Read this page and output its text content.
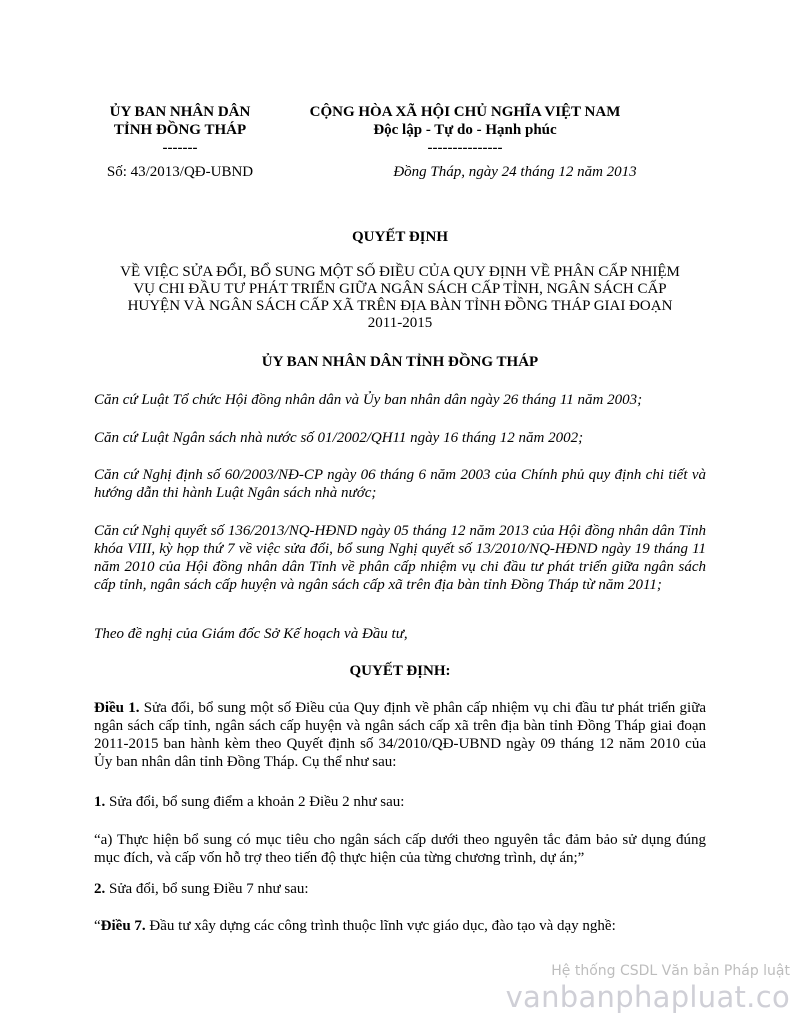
ỦY BAN NHÂN DÂN
TỈNH ĐỒNG THÁP
-------
CỘNG HÒA XÃ HỘI CHỦ NGHĨA VIỆT NAM
Độc lập - Tự do - Hạnh phúc
---------------
Số: 43/2013/QĐ-UBND	Đồng Tháp, ngày 24 tháng 12 năm 2013
QUYẾT ĐỊNH
VỀ VIỆC SỬA ĐỔI, BỔ SUNG MỘT SỐ ĐIỀU CỦA QUY ĐỊNH VỀ PHÂN CẤP NHIỆM
VỤ CHI ĐẦU TƯ PHÁT TRIỂN GIỮA NGÂN SÁCH CẤP TỈNH, NGÂN SÁCH CẤP
HUYỆN VÀ NGÂN SÁCH CẤP XÃ TRÊN ĐỊA BÀN TỈNH ĐỒNG THÁP GIAI ĐOẠN
2011-2015
ỦY BAN NHÂN DÂN TỈNH ĐỒNG THÁP
Căn cứ Luật Tổ chức Hội đồng nhân dân và Ủy ban nhân dân ngày 26 tháng 11 năm 2003;
Căn cứ Luật Ngân sách nhà nước số 01/2002/QH11 ngày 16 tháng 12 năm 2002;
Căn cứ Nghị định số 60/2003/NĐ-CP ngày 06 tháng 6 năm 2003 của Chính phủ quy định chi tiết và hướng dẫn thi hành Luật Ngân sách nhà nước;
Căn cứ Nghị quyết số 136/2013/NQ-HĐND ngày 05 tháng 12 năm 2013 của Hội đồng nhân dân Tỉnh khóa VIII, kỳ họp thứ 7 về việc sửa đổi, bổ sung Nghị quyết số 13/2010/NQ-HĐND ngày 19 tháng 11 năm 2010 của Hội đồng nhân dân Tỉnh về phân cấp nhiệm vụ chi đầu tư phát triển giữa ngân sách cấp tỉnh, ngân sách cấp huyện và ngân sách cấp xã trên địa bàn tỉnh Đồng Tháp từ năm 2011;
Theo đề nghị của Giám đốc Sở Kế hoạch và Đầu tư,
QUYẾT ĐỊNH:
Điều 1. Sửa đổi, bổ sung một số Điều của Quy định về phân cấp nhiệm vụ chi đầu tư phát triển giữa ngân sách cấp tỉnh, ngân sách cấp huyện và ngân sách cấp xã trên địa bàn tỉnh Đồng Tháp giai đoạn 2011-2015 ban hành kèm theo Quyết định số 34/2010/QĐ-UBND ngày 09 tháng 12 năm 2010 của Ủy ban nhân dân tỉnh Đồng Tháp. Cụ thể như sau:
1. Sửa đổi, bổ sung điểm a khoản 2 Điều 2 như sau:
“a) Thực hiện bổ sung có mục tiêu cho ngân sách cấp dưới theo nguyên tắc đảm bảo sử dụng đúng mục đích, và cấp vốn hỗ trợ theo tiến độ thực hiện của từng chương trình, dự án;”
2. Sửa đổi, bổ sung Điều 7 như sau:
“Điều 7. Đầu tư xây dựng các công trình thuộc lĩnh vực giáo dục, đào tạo và dạy nghề:
Hệ thống CSDL Văn bản Pháp luật
vanbanphapluat.co
